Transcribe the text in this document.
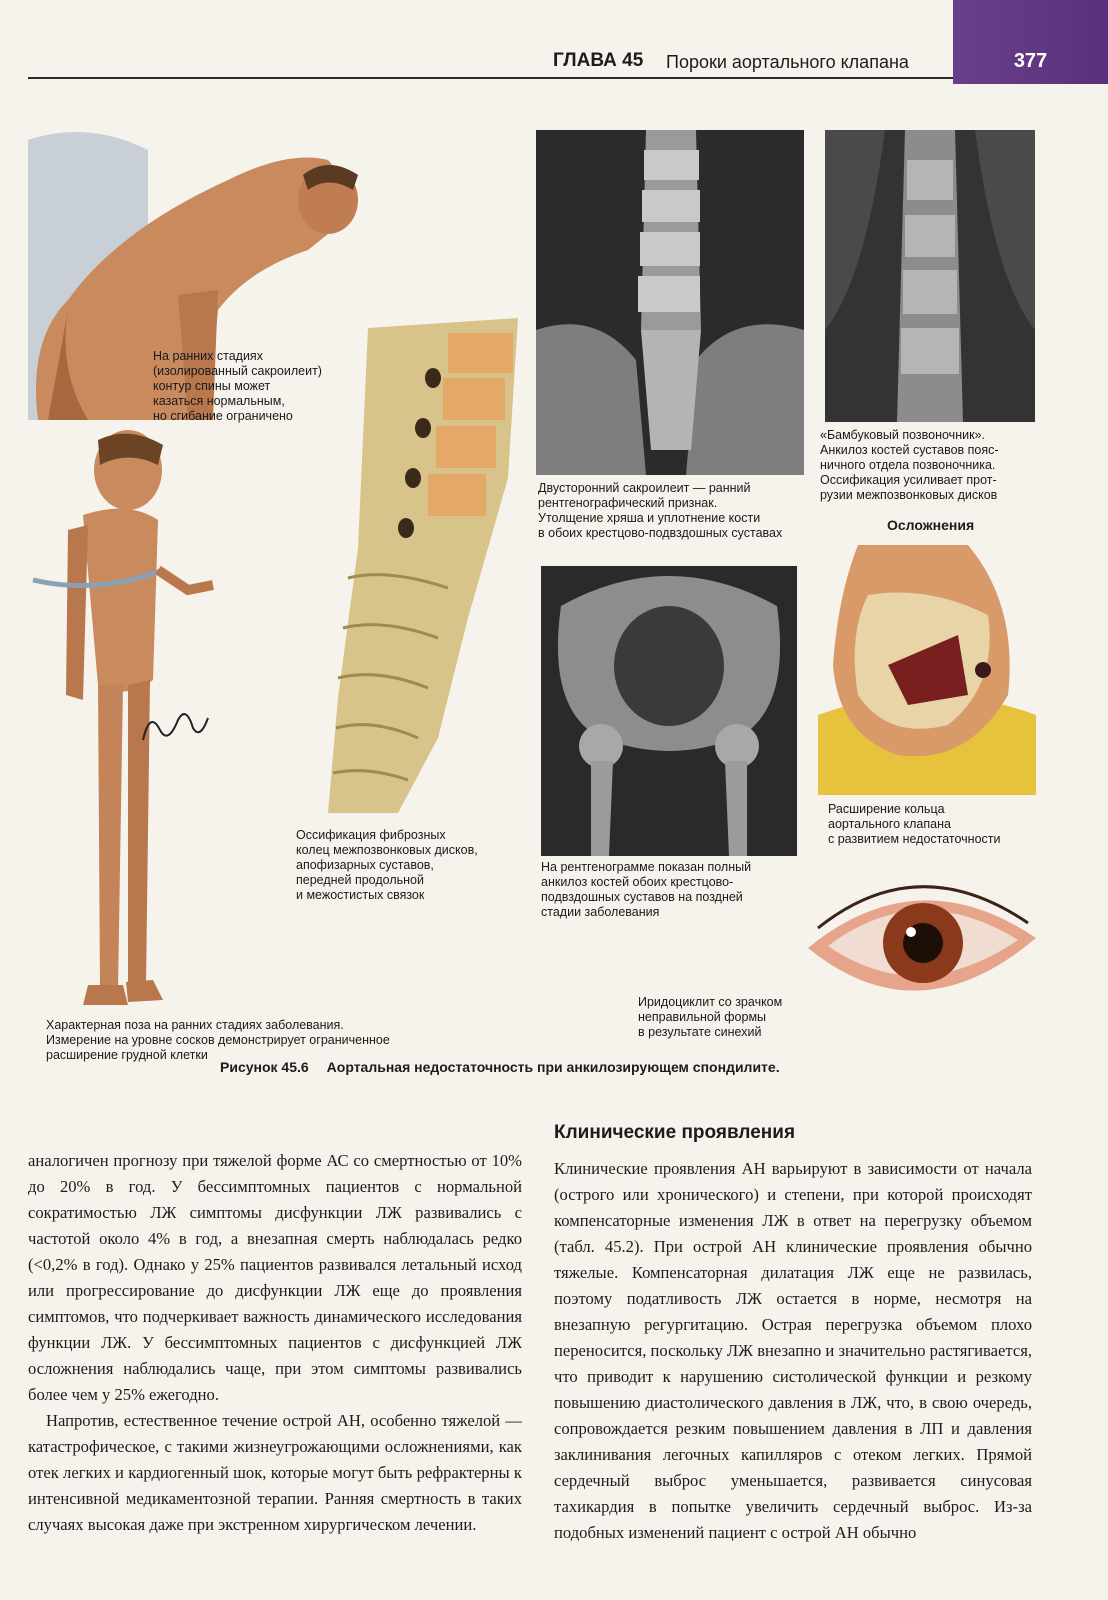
ГЛАВА 45 Пороки аортального клапана	377
На ранних стадиях
(изолированный сакроилеит)
контур спины может
казаться нормальным,
но сгибание ограничено
Характерная поза на ранних стадиях заболевания.
Измерение на уровне сосков демонстрирует ограниченное
расширение грудной клетки
Оссификация фиброзных
колец межпозвонковых дисков,
апофизарных суставов,
передней продольной
и межостистых связок
Двусторонний сакроилеит — ранний
рентгенографический признак.
Утолщение хряша и уплотнение кости
в обоих крестцово-подвздошных суставах
«Бамбуковый позвоночник».
Анкилоз костей суставов пояс-
ничного отдела позвоночника.
Оссификация усиливает прот-
рузии межпозвонковых дисков
Осложнения
На рентгенограмме показан полный
анкилоз костей обоих крестцово-
подвздошных суставов на поздней
стадии заболевания
Расширение кольца
аортального клапана
с развитием недостаточности
Иридоциклит со зрачком
неправильной формы
в результате синехий
Рисунок 45.6 Аортальная недостаточность при анкилозирующем спондилите.

аналогичен прогнозу при тяжелой форме АС со смертностью от 10% до 20% в год. У бессимптомных пациентов с нормальной сократимостью ЛЖ симптомы дисфункции ЛЖ развивались с частотой около 4% в год, а внезапная смерть наблюдалась редко (<0,2% в год). Однако у 25% пациентов развивался летальный исход или прогрессирование до дисфункции ЛЖ еще до проявления симптомов, что подчеркивает важность динамического исследования функции ЛЖ. У бессимптомных пациентов с дисфункцией ЛЖ осложнения наблюдались чаще, при этом симптомы развивались более чем у 25% ежегодно.

Напротив, естественное течение острой АН, особенно тяжелой — катастрофическое, с такими жизнеугрожающими осложнениями, как отек легких и кардиогенный шок, которые могут быть рефрактерны к интенсивной медикаментозной терапии. Ранняя смертность в таких случаях высокая даже при экстренном хирургическом лечении.

Клинические проявления

Клинические проявления АН варьируют в зависимости от начала (острого или хронического) и степени, при которой происходят компенсаторные изменения ЛЖ в ответ на перегрузку объемом (табл. 45.2). При острой АН клинические проявления обычно тяжелые. Компенсаторная дилатация ЛЖ еще не развилась, поэтому податливость ЛЖ остается в норме, несмотря на внезапную регургитацию. Острая перегрузка объемом плохо переносится, поскольку ЛЖ внезапно и значительно растягивается, что приводит к нарушению систолической функции и резкому повышению диастолического давления в ЛЖ, что, в свою очередь, сопровождается резким повышением давления в ЛП и давления заклинивания легочных капилляров с отеком легких. Прямой сердечный выброс уменьшается, развивается синусовая тахикардия в попытке увеличить сердечный выброс. Из-за подобных изменений пациент с острой АН обычно
